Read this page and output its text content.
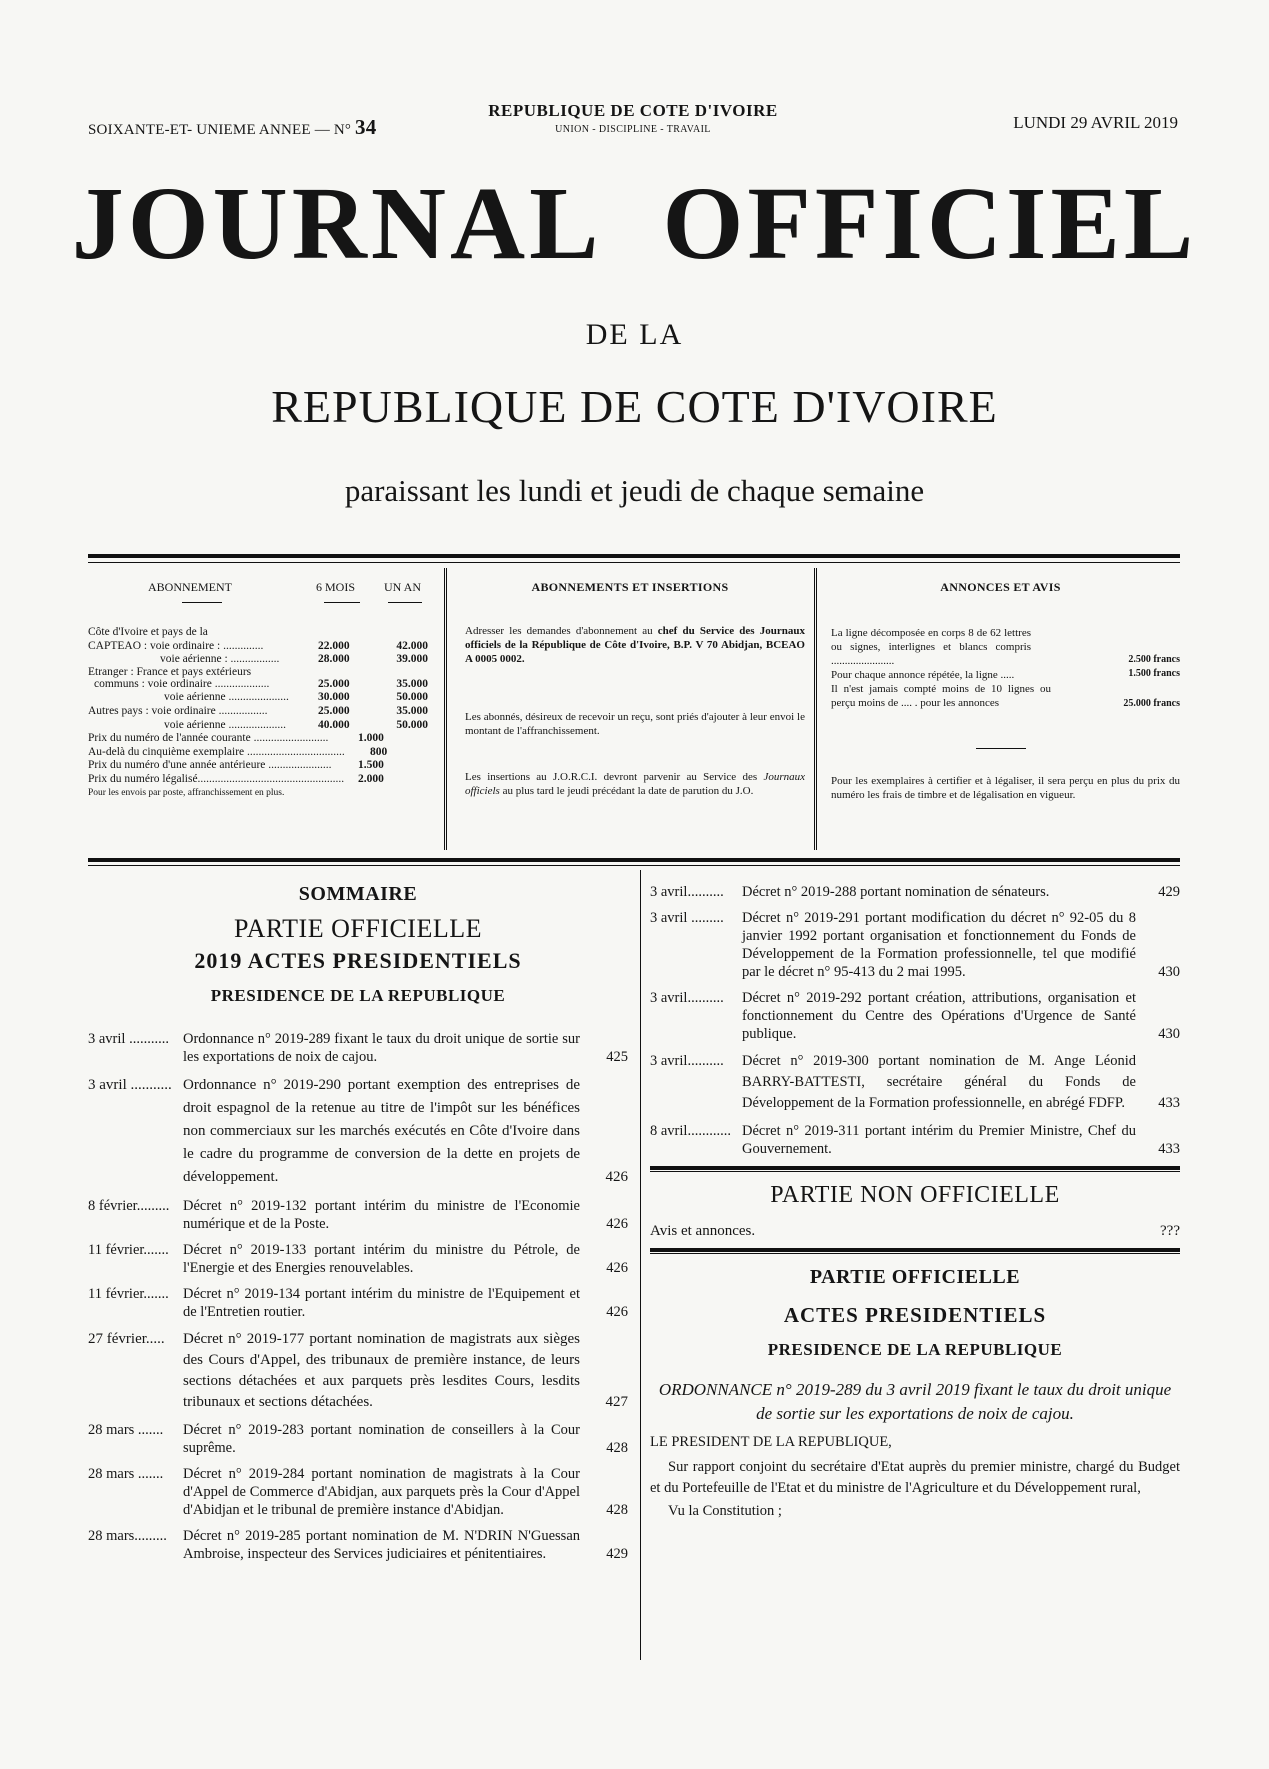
SOIXANTE-ET- UNIEME ANNEE — N° 34
REPUBLIQUE DE COTE D'IVOIRE
UNION - DISCIPLINE - TRAVAIL	LUNDI 29 AVRIL 2019
JOURNAL OFFICIEL
DE LA
REPUBLIQUE DE COTE D'IVOIRE
paraissant les lundi et jeudi de chaque semaine
ABONNEMENT	6 MOIS UN AN
Côte d'Ivoire et pays de la
CAPTEAO : voie ordinaire : ..............	22.000	42.000
voie aérienne : .................	28.000	39.000
Etranger : France et pays extérieurs
communs : voie ordinaire ...................	25.000	35.000
voie aérienne .....................	30.000	50.000
Autres pays : voie ordinaire .................	25.000	35.000
voie aérienne ....................	40.000	50.000
Prix du numéro de l'année courante ..........................	1.000
Au-delà du cinquième exemplaire .................................. 800
Prix du numéro d'une année antérieure ...................... 1.500
Prix du numéro légalisé................................................... 2.000
Pour les envois par poste, affranchissement en plus.
ABONNEMENTS ET INSERTIONS
Adresser les demandes d'abonnement au chef du Service des Journaux officiels de la République de Côte d'Ivoire, B.P. V 70 Abidjan, BCEAO A 0005 0002.
Les abonnés, désireux de recevoir un reçu, sont priés d'ajouter à leur envoi le montant de l'affranchissement.
Les insertions au J.O.R.C.I. devront parvenir au Service des Journaux officiels au plus tard le jeudi précédant la date de parution du J.O.
ANNONCES ET AVIS
La ligne décomposée en corps 8 de 62 lettres ou signes, interlignes et blancs compris .......................	2.500 francs
Pour chaque annonce répétée, la ligne .....	1.500 francs
Il n'est jamais compté moins de 10 lignes ou perçu moins de .... . pour les annonces	25.000 francs
Pour les exemplaires à certifier et à légaliser, il sera perçu en plus du prix du numéro les frais de timbre et de légalisation en vigueur.
SOMMAIRE
PARTIE OFFICIELLE
2019 ACTES PRESIDENTIELS
PRESIDENCE DE LA REPUBLIQUE
3 avril ........... Ordonnance n° 2019-289 fixant le taux du droit unique de sortie sur les exportations de noix de cajou.	425
3 avril ........... Ordonnance n° 2019-290 portant exemption des entreprises de droit espagnol de la retenue au titre de l'impôt sur les bénéfices non commerciaux sur les marchés exécutés en Côte d'Ivoire dans le cadre du programme de conversion de la dette en projets de développement.	426
8 février......... Décret n° 2019-132 portant intérim du ministre de l'Economie numérique et de la Poste.	426
11 février....... Décret n° 2019-133 portant intérim du ministre du Pétrole, de l'Energie et des Energies renouvelables.	426
11 février....... Décret n° 2019-134 portant intérim du ministre de l'Equipement et de l'Entretien routier.	426
27 février..... Décret n° 2019-177 portant nomination de magistrats aux sièges des Cours d'Appel, des tribunaux de première instance, de leurs sections détachées et aux parquets près lesdites Cours, lesdits tribunaux et sections détachées.	427
28 mars ....... Décret n° 2019-283 portant nomination de conseillers à la Cour suprême.	428
28 mars ....... Décret n° 2019-284 portant nomination de magistrats à la Cour d'Appel de Commerce d'Abidjan, aux parquets près la Cour d'Appel d'Abidjan et le tribunal de première instance d'Abidjan.	428
28 mars......... Décret n° 2019-285 portant nomination de M. N'DRIN N'Guessan Ambroise, inspecteur des Services judiciaires et pénitentiaires.	429
3 avril.......... Décret n° 2019-288 portant nomination de sénateurs.	429
3 avril ......... Décret n° 2019-291 portant modification du décret n° 92-05 du 8 janvier 1992 portant organisation et fonctionnement du Fonds de Développement de la Formation professionnelle, tel que modifié par le décret n° 95-413 du 2 mai 1995.	430
3 avril.......... Décret n° 2019-292 portant création, attributions, organisation et fonctionnement du Centre des Opérations d'Urgence de Santé publique.	430
3 avril.......... Décret n° 2019-300 portant nomination de M. Ange Léonid BARRY-BATTESTI, secrétaire général du Fonds de Développement de la Formation professionnelle, en abrégé FDFP.	433
8 avril............ Décret n° 2019-311 portant intérim du Premier Ministre, Chef du Gouvernement.	433
PARTIE NON OFFICIELLE
Avis et annonces.	???
PARTIE OFFICIELLE
ACTES PRESIDENTIELS
PRESIDENCE DE LA REPUBLIQUE
ORDONNANCE n° 2019-289 du 3 avril 2019 fixant le taux du droit unique de sortie sur les exportations de noix de cajou.
LE PRESIDENT DE LA REPUBLIQUE,
Sur rapport conjoint du secrétaire d'Etat auprès du premier ministre, chargé du Budget et du Portefeuille de l'Etat et du ministre de l'Agriculture et du Développement rural,
Vu la Constitution ;
